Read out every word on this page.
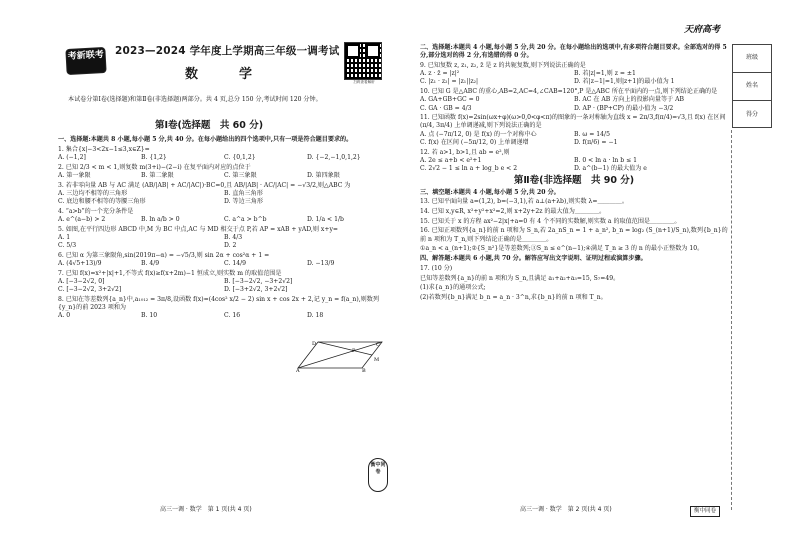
考新联考 2023—2024 学年度上学期高三年级一调考试
数　学	扫码查看解析
本试卷分第Ⅰ卷(选择题)和第Ⅱ卷(非选择题)两部分。共 4 页,总分 150 分,考试时间 120 分钟。
第Ⅰ卷(选择题　共 60 分)
一、选择题:本题共 8 小题,每小题 5 分,共 40 分。在每小题给出的四个选项中,只有一项是符合题目要求的。
1. 集合{x|−3<2x−1≤3,x∈Z}=
A. (−1,2]	B. {1,2}	C. {0,1,2}	D. {−2,−1,0,1,2}
2. 已知 2/3 < m < 1,则复数 m(3+i)−(2−i) 在复平面内对应的点位于
A. 第一象限	B. 第二象限	C. 第三象限	D. 第四象限
3. 若非零向量 AB 与 AC 满足 (AB/|AB| + AC/|AC|)·BC=0,且 AB/|AB| · AC/|AC| = −√3/2,则△ABC 为
A. 三边均不相等的三角形	B. 直角三角形
C. 底边和腰不相等的等腰三角形	D. 等边三角形
4. “a>b”的一个充分条件是
A. e^(a−b) > 2	B. ln a/b > 0	C. a^a > b^b	D. 1/a < 1/b
5. 如图,在平行四边形 ABCD 中,M 为 BC 中点,AC 与 MD 相交于点 P,若 AP = xAB + yAD,则 x+y=
A. 1	B. 4/3
C. 5/3	D. 2
6. 已知 α 为第三象限角,sin(2019π−α) = −√5/3,则 sin 2α + cos²α + 1 =
A. (4√5+13)/9	B. 4/9	C. 14/9	D. −13/9
7. 已知 f(x)=x²+|x|+1,不等式 f(x)≥f(x+2m)−1 恒成立,则实数 m 的取值范围是
A. [−3−2√2, 0]	B. [−3−2√2, −3+2√2]
C. [−3−2√2, 3+2√2]	D. [−3+2√2, 3+2√2]
8. 已知在等差数列{a_n}中,a₁₀₁₂ = 3π/8,设函数 f(x)=(4cos² x/2 − 2) sin x + cos 2x + 2,记 y_n = f(a_n),则数列{y_n}的前 2023 项和为
A. 0	B. 10	C. 16	D. 18
D	C
A	B
M
P
二、选择题:本题共 4 小题,每小题 5 分,共 20 分。在每小题给出的选项中,有多项符合题目要求。全部选对的得 5 分,部分选对的得 2 分,有选错的得 0 分。
9. 已知复数 z, z₁, z₂, z̄ 是 z 的共轭复数,则下列说法正确的是
A. z · z̄ = |z|²	B. 若|z|=1,则 z = ±1
C. |z₁ · z₂| = |z₁||z₂|	D. 若|z−1|=1,则|z+1|的最小值为 1
10. 已知 G 是△ABC 的重心,AB=2,AC=4,∠CAB=120°,P 是△ABC 所在平面内的一点,则下列结论正确的是
A. GA+GB+GC = 0	B. AC 在 AB 方向上的投影向量等于 AB
C. GA · GB = 4/3	D. AP · (BP+CP) 的最小值为 −3/2
11. 已知函数 f(x)=2sin(ωx+φ)(ω>0,0<φ<π)的图象的一条对称轴为直线 x = 2π/3,f(π/4)=√3,且 f(x) 在区间 (π/4, 3π/4) 上单调递减,则下列说法正确的是
A. 点 (−7π/12, 0) 是 f(x) 的一个对称中心	B. ω = 14/5
C. f(x) 在区间 (−5π/12, 0) 上单调递增	D. f(π/6) = −1
12. 若 a>1, b>1,且 ab = e²,则
A. 2e ≤ a+b < e²+1	B. 0 < ln a · ln b ≤ 1
C. 2√2 − 1 ≤ ln a + log_b e < 2	D. a^(b−1) 的最大值为 e
第Ⅱ卷(非选择题　共 90 分)
三、填空题:本题共 4 小题,每小题 5 分,共 20 分。
13. 已知平面向量 a=(1,2), b=(−3,1),若 a⊥(a+λb),则实数 λ=＿＿＿＿。
14. 已知 x,y∈R, x²+y²+x²=2,则 x+2y+2z 的最大值为＿＿＿＿。
15. 已知关于 x 的方程 ax²−2|x|+a=0 有 4 个不同的实数解,则实数 a 的取值范围是＿＿＿＿。
16. 已知正项数列{a_n}的前 n 项和为 S_n,若 2a_nS_n = 1 + a_n², b_n = log₂ (S_(n+1)/S_n),数列{b_n}的前 n 项和为 T_n,则下列结论正确的是＿＿＿＿。
①a_n < a_(n+1);②{S_n²}是等差数列;③S_n ≤ e^(n−1);④满足 T_n ≥ 3 的 n 的最小正整数为 10。
四、解答题:本题共 6 小题,共 70 分。解答应写出文字说明、证明过程或演算步骤。
17. (10 分)
已知等差数列{a_n}的前 n 项和为 S_n,且满足 a₁+a₂+a₃=15, S₇=49。
(1)求{a_n}的通项公式;
(2)若数列{b_n}满足 b_n = a_n · 3^n,求{b_n}的前 n 项和 T_n。
高三一调 · 数学　第 1 页(共 4 页)	高三一调 · 数学　第 2 页(共 4 页)
衡中同卷
衡中同卷
天府高考
班级
姓名
得分
